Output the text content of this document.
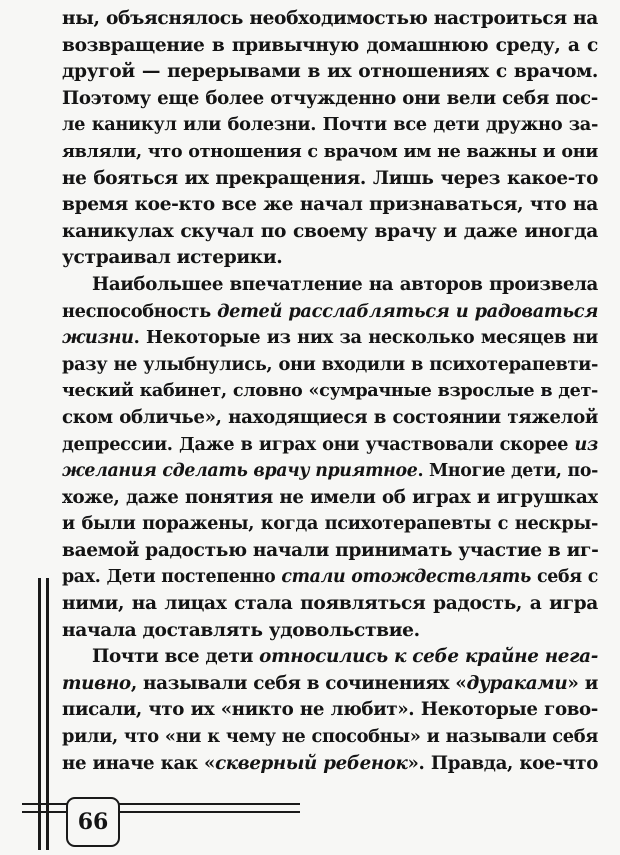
ны, объяснялось необходимостью настроиться на
возвращение в привычную домашнюю среду, а с
другой — перерывами в их отношениях с врачом.
Поэтому еще более отчужденно они вели себя пос-
ле каникул или болезни. Почти все дети дружно за-
являли, что отношения с врачом им не важны и они
не бояться их прекращения. Лишь через какое-то
время кое-кто все же начал признаваться, что на
каникулах скучал по своему врачу и даже иногда
устраивал истерики.
Наибольшее впечатление на авторов произвела
неспособность детей расслабляться и радоваться
жизни. Некоторые из них за несколько месяцев ни
разу не улыбнулись, они входили в психотерапевти-
ческий кабинет, словно «сумрачные взрослые в дет-
ском обличье», находящиеся в состоянии тяжелой
депрессии. Даже в играх они участвовали скорее из
желания сделать врачу приятное. Многие дети, по-
хоже, даже понятия не имели об играх и игрушках
и были поражены, когда психотерапевты с нескры-
ваемой радостью начали принимать участие в иг-
рах. Дети постепенно стали отождествлять себя с
ними, на лицах стала появляться радость, а игра
начала доставлять удовольствие.
Почти все дети относились к себе крайне нега-
тивно, называли себя в сочинениях «дураками» и
писали, что их «никто не любит». Некоторые гово-
рили, что «ни к чему не способны» и называли себя
не иначе как «скверный ребенок». Правда, кое-что
66
